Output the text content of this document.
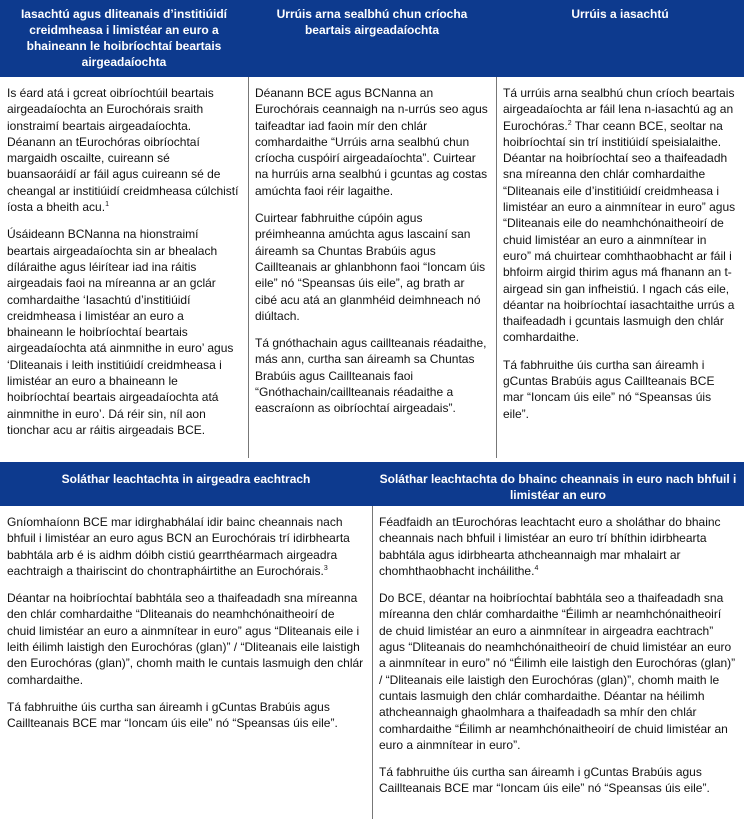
Iasachtú agus dliteanais d’institiúidí creidmheasa i limistéar an euro a bhaineann le hoibríochtaí beartais airgeadaíochta
Urrúis arna sealbhú chun críocha beartais airgeadaíochta
Urrúis a iasachtú

Is éard atá i gcreat oibríochtúil beartais airgeadaíochta an Eurochórais sraith ionstraimí beartais airgeadaíochta. Déanann an tEurochóras oibríochtaí margaidh oscailte, cuireann sé buansaoráidí ar fáil agus cuireann sé de cheangal ar institiúidí creidmheasa cúlchistí íosta a bheith acu.$^1$

Úsáideann BCNanna na hionstraimí beartais airgeadaíochta sin ar bhealach díláraithe agus léirítear iad ina ráitis airgeadais faoi na míreanna ar an gclár comhardaithe ‘Iasachtú d’institiúidí creidmheasa i limistéar an euro a bhaineann le hoibríochtaí beartais airgeadaíochta atá ainmnithe in euro’ agus ‘Dliteanais i leith institiúidí creidmheasa i limistéar an euro a bhaineann le hoibríochtaí beartais airgeadaíochta atá ainmnithe in euro’. Dá réir sin, níl aon tionchar acu ar ráitis airgeadais BCE.

Déanann BCE agus BCNanna an Eurochórais ceannaigh na n-urrús seo agus taifeadtar iad faoin mír den chlár comhardaithe “Urrúis arna sealbhú chun críocha cuspóirí airgeadaíochta”. Cuirtear na hurrúis arna sealbhú i gcuntas ag costas amúchta faoi réir lagaithe.

Cuirtear fabhruithe cúpóin agus préimheanna amúchta agus lascainí san áireamh sa Chuntas Brabúis agus Caillteanais ar ghlanbhonn faoi “Ioncam úis eile” nó “Speansas úis eile”, ag brath ar cibé acu atá an glanmhéid deimhneach nó diúltach.

Tá gnóthachain agus caillteanais réadaithe, más ann, curtha san áireamh sa Chuntas Brabúis agus Caillteanais faoi “Gnóthachain/caillteanais réadaithe a eascraíonn as oibríochtaí airgeadais”.

Tá urrúis arna sealbhú chun críoch beartais airgeadaíochta ar fáil lena n-iasachtú ag an Eurochóras.$^2$ Thar ceann BCE, seoltar na hoibríochtaí sin trí institiúidí speisialaithe. Déantar na hoibríochtaí seo a thaifeadadh sna míreanna den chlár comhardaithe “Dliteanais eile d’institiúidí creidmheasa i limistéar an euro a ainmnítear in euro” agus “Dliteanais eile do neamhchónaitheoirí de chuid limistéar an euro a ainmnítear in euro” má chuirtear comhthaobhacht ar fáil i bhfoirm airgid thirim agus má fhanann an t-airgead sin gan infheistiú. I ngach cás eile, déantar na hoibríochtaí iasachtaithe urrús a thaifeadadh i gcuntais lasmuigh den chlár comhardaithe.

Tá fabhruithe úis curtha san áireamh i gCuntas Brabúis agus Caillteanais BCE mar “Ioncam úis eile” nó “Speansas úis eile”.

Soláthar leachtachta in airgeadra eachtrach	Soláthar leachtachta do bhainc cheannais in euro nach bhfuil i limistéar an euro

Gníomhaíonn BCE mar idirghabhálaí idir bainc cheannais nach bhfuil i limistéar an euro agus BCN an Eurochórais trí idirbhearta babhtála arb é is aidhm dóibh cistiú gearrthéarmach airgeadra eachtraigh a thairiscint do chontrapháirtithe an Eurochórais.$^3$

Déantar na hoibríochtaí babhtála seo a thaifeadadh sna míreanna den chlár comhardaithe “Dliteanais do neamhchónaitheoirí de chuid limistéar an euro a ainmnítear in euro” agus “Dliteanais eile i leith éilimh laistigh den Eurochóras (glan)” / “Dliteanais eile laistigh den Eurochóras (glan)”, chomh maith le cuntais lasmuigh den chlár comhardaithe.

Tá fabhruithe úis curtha san áireamh i gCuntas Brabúis agus Caillteanais BCE mar “Ioncam úis eile” nó “Speansas úis eile”.

Féadfaidh an tEurochóras leachtacht euro a sholáthar do bhainc cheannais nach bhfuil i limistéar an euro trí bhíthin idirbhearta babhtála agus idirbhearta athcheannaigh mar mhalairt ar chomhthaobhacht incháilithe.$^4$

Do BCE, déantar na hoibríochtaí babhtála seo a thaifeadadh sna míreanna den chlár comhardaithe “Éilimh ar neamhchónaitheoirí de chuid limistéar an euro a ainmnítear in airgeadra eachtrach” agus “Dliteanais do neamhchónaitheoirí de chuid limistéar an euro a ainmnítear in euro” nó “Éilimh eile laistigh den Eurochóras (glan)” / “Dliteanais eile laistigh den Eurochóras (glan)”, chomh maith le cuntais lasmuigh den chlár comhardaithe. Déantar na héilimh athcheannaigh ghaolmhara a thaifeadadh sa mhír den chlár comhardaithe “Éilimh ar neamhchónaitheoirí de chuid limistéar an euro a ainmnítear in euro”.

Tá fabhruithe úis curtha san áireamh i gCuntas Brabúis agus Caillteanais BCE mar “Ioncam úis eile” nó “Speansas úis eile”.
